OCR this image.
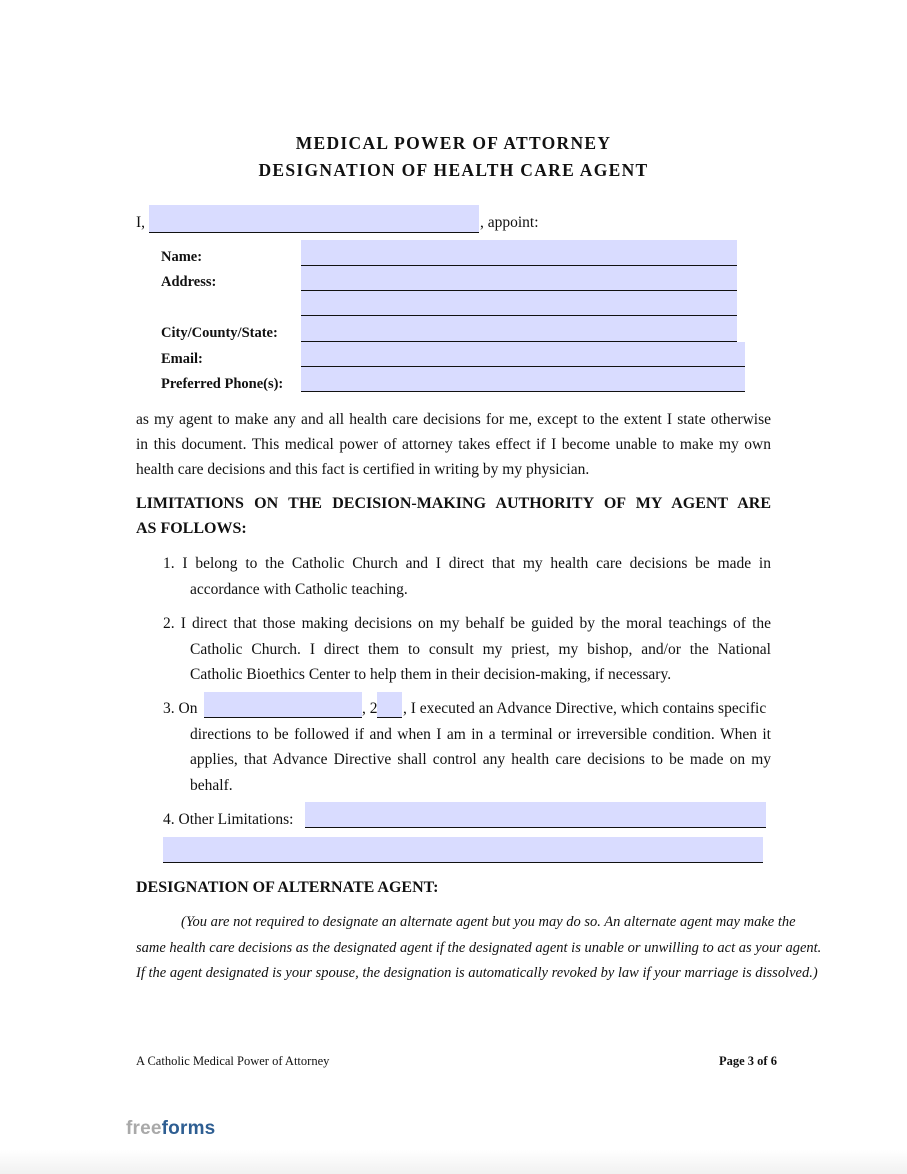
MEDICAL POWER OF ATTORNEY
DESIGNATION OF HEALTH CARE AGENT
I,	, appoint:
Name:
Address:
City/County/State:
Email:
Preferred Phone(s):
as my agent to make any and all health care decisions for me, except to the extent I state otherwise
in this document. This medical power of attorney takes effect if I become unable to make my own
health care decisions and this fact is certified in writing by my physician.
LIMITATIONS ON THE DECISION-MAKING AUTHORITY OF MY AGENT ARE
AS FOLLOWS:
1. I belong to the Catholic Church and I direct that my health care decisions be made in
accordance with Catholic teaching.
2. I direct that those making decisions on my behalf be guided by the moral teachings of the
Catholic Church. I direct them to consult my priest, my bishop, and/or the National
Catholic Bioethics Center to help them in their decision-making, if necessary.
3. On	, 2 , I executed an Advance Directive, which contains specific
directions to be followed if and when I am in a terminal or irreversible condition. When it
applies, that Advance Directive shall control any health care decisions to be made on my
behalf.
4. Other Limitations:
DESIGNATION OF ALTERNATE AGENT:
(You are not required to designate an alternate agent but you may do so. An alternate agent may make the
same health care decisions as the designated agent if the designated agent is unable or unwilling to act as your agent.
If the agent designated is your spouse, the designation is automatically revoked by law if your marriage is dissolved.)
A Catholic Medical Power of Attorney	Page 3 of 6
freeforms
